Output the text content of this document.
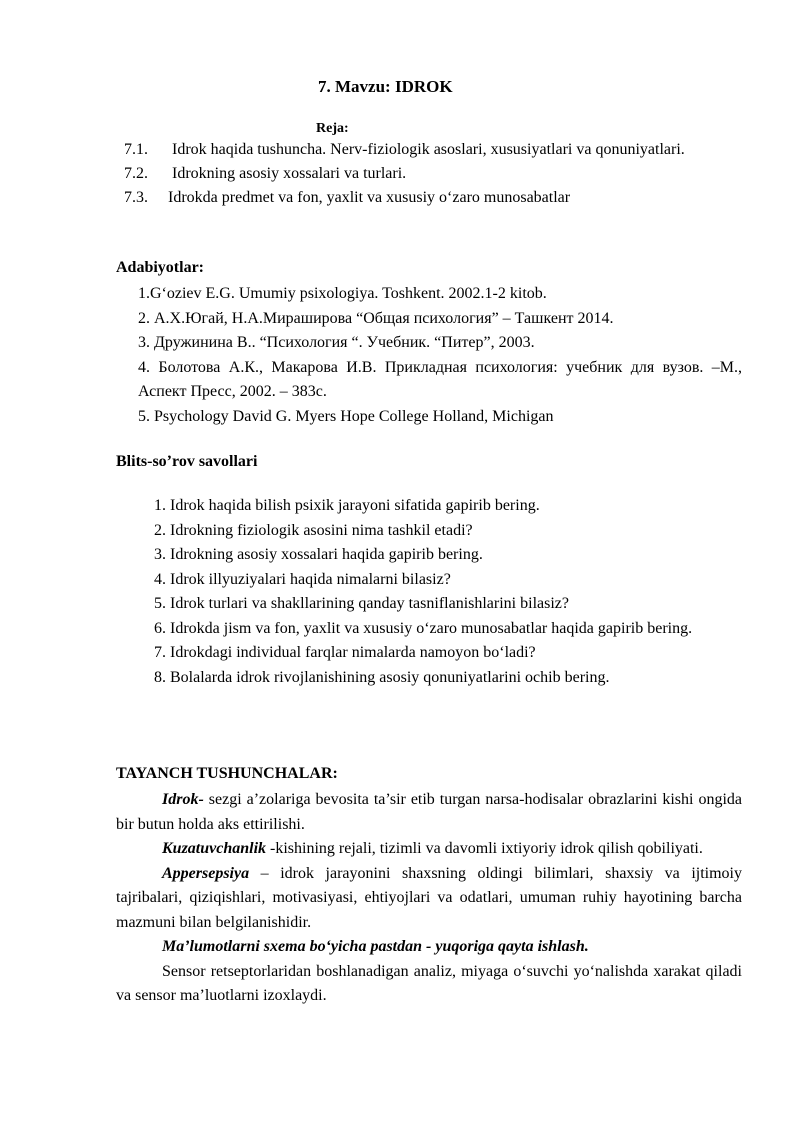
7. Mavzu: IDROK
Reja:
7.1.	Idrok haqida tushuncha. Nerv-fiziologik asoslari, xususiyatlari va qonuniyatlari.
7.2.	Idrokning asosiy xossalari va turlari.
7.3.	Idrokda predmet va fon, yaxlit va xususiy o‘zaro munosabatlar
Adabiyotlar:
1.G‘oziev E.G. Umumiy psixologiya. Toshkent. 2002.1-2 kitob.
2. А.Х.Югай, Н.А.Мираширова “Общая психология” – Ташкент 2014.
3. Дружинина В.. “Психология “. Учебник. “Питер”, 2003.
4. Болотова А.К., Макарова И.В. Прикладная психология: учебник для вузов. –М., Аспект Пресс, 2002. – 383с.
5. Psychology David G. Myers Hope College Holland, Michigan
Blits-so’rov savollari
1. Idrok haqida bilish psixik jarayoni sifatida gapirib bering.
2. Idrokning fiziologik asosini nima tashkil etadi?
3. Idrokning asosiy xossalari haqida gapirib bering.
4. Idrok illyuziyalari haqida nimalarni bilasiz?
5. Idrok turlari va shakllarining qanday tasniflanishlarini bilasiz?
6. Idrokda jism va fon, yaxlit va xususiy o‘zaro munosabatlar haqida gapirib bering.
7. Idrokdagi individual farqlar nimalarda namoyon bo‘ladi?
8. Bolalarda idrok rivojlanishining asosiy qonuniyatlarini ochib bering.
TAYANCH TUSHUNCHALAR:
Idrok- sezgi a’zolariga bevosita ta’sir etib turgan narsa-hodisalar obrazlarini kishi ongida bir butun holda aks ettirilishi.
Kuzatuvchanlik -kishining rejali, tizimli va davomli ixtiyoriy idrok qilish qobiliyati.
Appersepsiya – idrok jarayonini shaxsning oldingi bilimlari, shaxsiy va ijtimoiy tajribalari, qiziqishlari, motivasiyasi, ehtiyojlari va odatlari, umuman ruhiy hayotining barcha mazmuni bilan belgilanishidir.
Ma’lumotlarni sxema bo‘yicha pastdan - yuqoriga qayta ishlash.
Sensor retseptorlaridan boshlanadigan analiz, miyaga o‘suvchi yo‘nalishda xarakat qiladi va sensor ma’luotlarni izoxlaydi.
